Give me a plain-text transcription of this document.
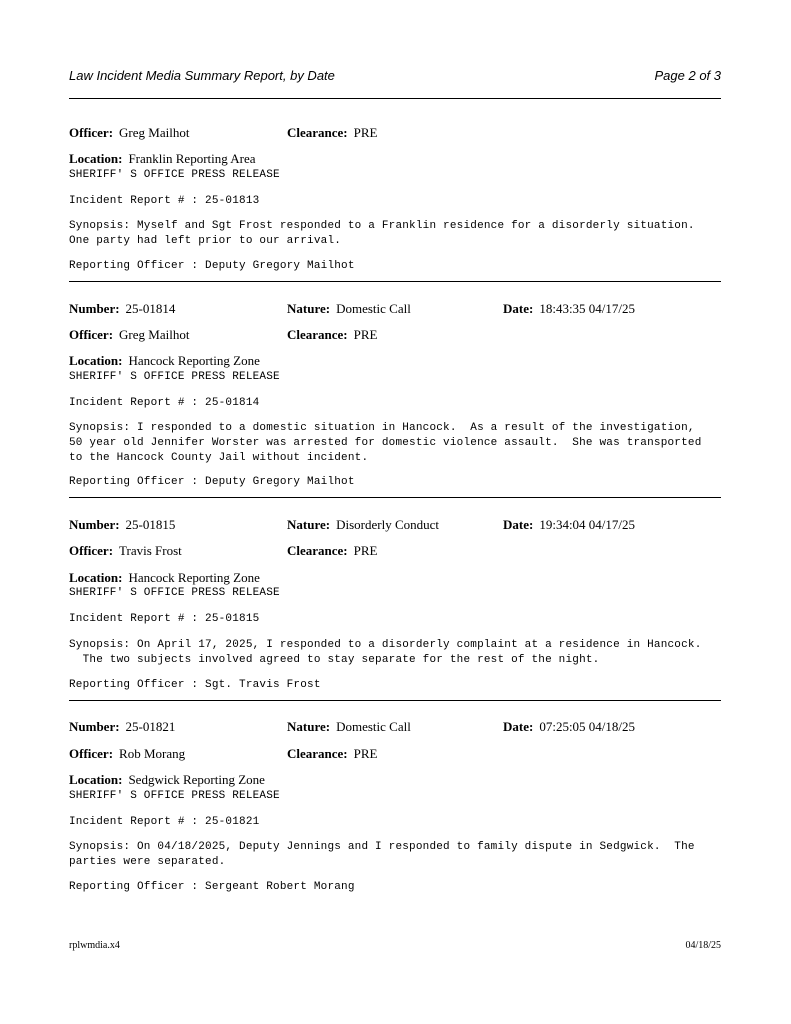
Law Incident Media Summary Report, by Date	Page 2 of 3
Officer: Greg Mailhot	Clearance: PRE
Location: Franklin Reporting Area
SHERIFF' S OFFICE PRESS RELEASE
Incident Report # : 25-01813
Synopsis: Myself and Sgt Frost responded to a Franklin residence for a disorderly situation.
One party had left prior to our arrival.
Reporting Officer : Deputy Gregory Mailhot
Number: 25-01814	Nature: Domestic Call	Date: 18:43:35 04/17/25
Officer: Greg Mailhot	Clearance: PRE
Location: Hancock Reporting Zone
SHERIFF' S OFFICE PRESS RELEASE
Incident Report # : 25-01814
Synopsis: I responded to a domestic situation in Hancock.  As a result of the investigation,
50 year old Jennifer Worster was arrested for domestic violence assault.  She was transported
to the Hancock County Jail without incident.
Reporting Officer : Deputy Gregory Mailhot
Number: 25-01815	Nature: Disorderly Conduct	Date: 19:34:04 04/17/25
Officer: Travis Frost	Clearance: PRE
Location: Hancock Reporting Zone
SHERIFF' S OFFICE PRESS RELEASE
Incident Report # : 25-01815
Synopsis: On April 17, 2025, I responded to a disorderly complaint at a residence in Hancock.
The two subjects involved agreed to stay separate for the rest of the night.
Reporting Officer : Sgt. Travis Frost
Number: 25-01821	Nature: Domestic Call	Date: 07:25:05 04/18/25
Officer: Rob Morang	Clearance: PRE
Location: Sedgwick Reporting Zone
SHERIFF' S OFFICE PRESS RELEASE
Incident Report # : 25-01821
Synopsis: On 04/18/2025, Deputy Jennings and I responded to family dispute in Sedgwick.  The
parties were separated.
Reporting Officer : Sergeant Robert Morang
rplwmdia.x4	04/18/25
